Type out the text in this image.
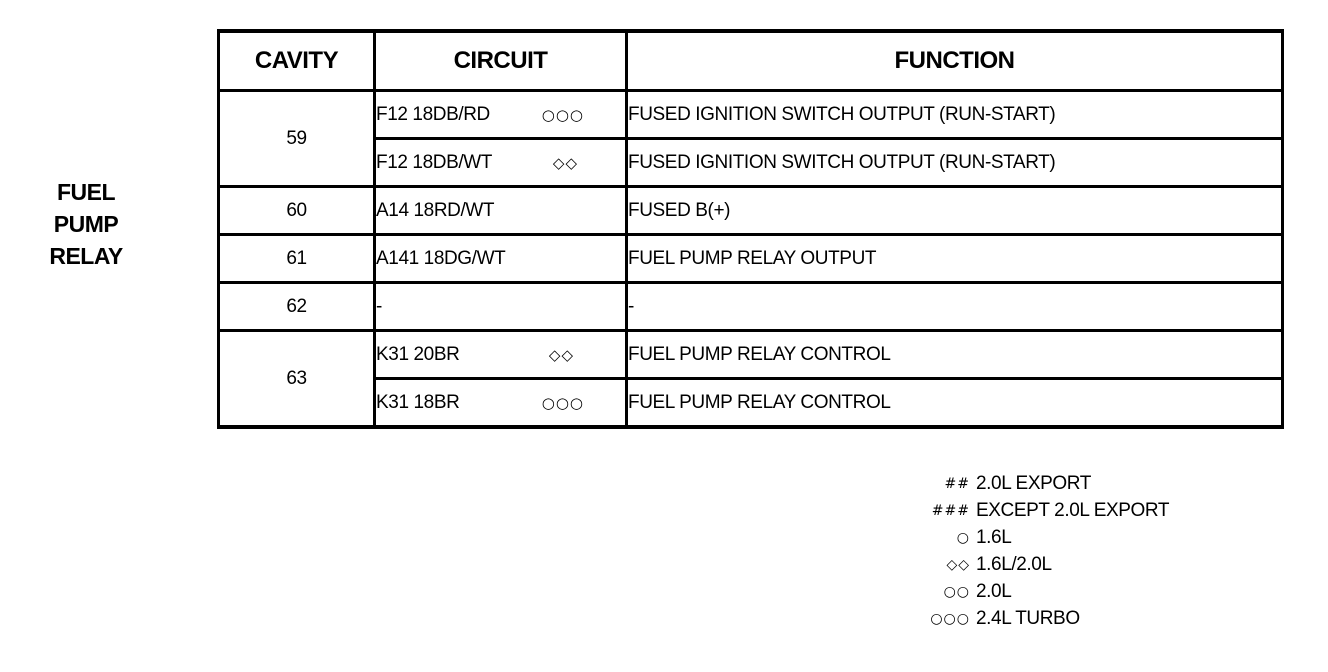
FUEL
PUMP
RELAY
CAVITY	CIRCUIT	FUNCTION
59	F12 18DB/RD ○○○	FUSED IGNITION SWITCH OUTPUT (RUN-START)

	F12 18DB/WT ◇◇	FUSED IGNITION SWITCH OUTPUT (RUN-START)
60	A14 18RD/WT	FUSED B(+)
61	A141 18DG/WT	FUEL PUMP RELAY OUTPUT
62	-	-
63	K31 20BR ◇◇	FUEL PUMP RELAY CONTROL

	K31 18BR ○○○	FUEL PUMP RELAY CONTROL
## 2.0L EXPORT
### EXCEPT 2.0L EXPORT
○ 1.6L
◇◇ 1.6L/2.0L
○○ 2.0L
○○○ 2.4L TURBO
